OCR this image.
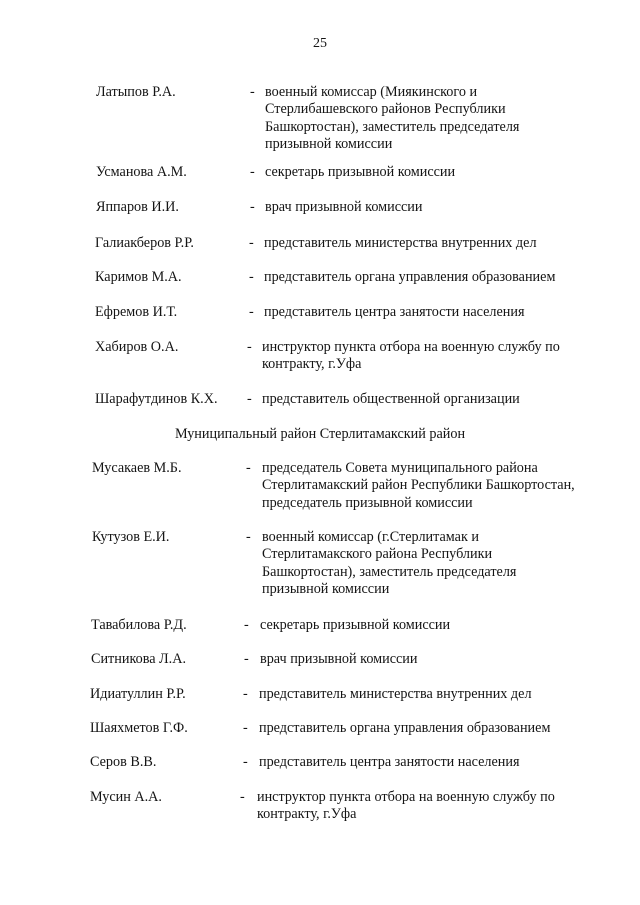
25
Муниципальный район Стерлитамакский район
Латыпов Р.А.	- военный комиссар (Миякинского и Стерлибашевского районов Республики Башкортостан), заместитель председателя призывной комиссии
Усманова А.М.	- секретарь призывной комиссии
Яппаров И.И.	- врач призывной комиссии
Галиакберов Р.Р.	- представитель министерства внутренних дел
Каримов М.А.	- представитель органа управления образованием
Ефремов И.Т.	- представитель центра занятости населения
Хабиров О.А.	- инструктор пункта отбора на военную службу по контракту, г.Уфа
Шарафутдинов К.Х. - представитель общественной организации
Мусакаев М.Б.	- председатель Совета муниципального района Стерлитамакский район Республики Башкортостан, председатель призывной комиссии
Кутузов Е.И.	- военный комиссар (г.Стерлитамак и Стерлитамакского района Республики Башкортостан), заместитель председателя призывной комиссии
Тавабилова Р.Д.	- секретарь призывной комиссии
Ситникова Л.А.	- врач призывной комиссии
Идиатуллин Р.Р.	- представитель министерства внутренних дел
Шаяхметов Г.Ф.	- представитель органа управления образованием
Серов В.В.	- представитель центра занятости населения
Мусин А.А.	- инструктор пункта отбора на военную службу по контракту, г.Уфа
